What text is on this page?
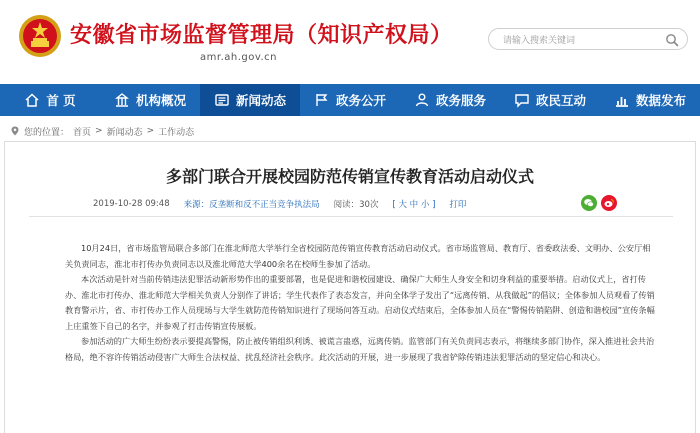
安徽省市场监督管理局（知识产权局）
amr.ah.gov.cn
请输入搜索关键词
首 页	机构概况	新闻动态	政务公开	政务服务	政民互动	数据发布
您的位置： 首页 > 新闻动态 > 工作动态
多部门联合开展校园防范传销宣传教育活动启动仪式
2019-10-28 09:48 来源：反垄断和反不正当竞争执法局 阅读：30次 [ 大 中 小 ] 打印

10月24日，省市场监管局联合多部门在淮北师范大学举行全省校园防范传销宣传教育活动启动仪式。省市场监管局、教育厅、省委政法委、文明办、公安厅相关负责同志，淮北市打传办负责同志以及淮北师范大学400余名在校师生参加了活动。

本次活动是针对当前传销违法犯罪活动新形势作出的重要部署，也是促进和谐校园建设、确保广大师生人身安全和切身利益的重要举措。启动仪式上，省打传办、淮北市打传办、淮北师范大学相关负责人分别作了讲话；学生代表作了表态发言，并向全体学子发出了“远离传销、从我做起”的倡议；全体参加人员观看了传销教育警示片，省、市打传办工作人员现场与大学生就防范传销知识进行了现场问答互动。启动仪式结束后，全体参加人员在“警惕传销陷阱、创造和谐校园”宣传条幅上庄重签下自己的名字，并参观了打击传销宣传展板。

参加活动的广大师生纷纷表示要提高警惕，防止被传销组织利诱、被谎言蛊惑，远离传销。监管部门有关负责同志表示，将继续多部门协作，深入推进社会共治格局，绝不容许传销活动侵害广大师生合法权益、扰乱经济社会秩序。此次活动的开展，进一步展现了我省铲除传销违法犯罪活动的坚定信心和决心。
